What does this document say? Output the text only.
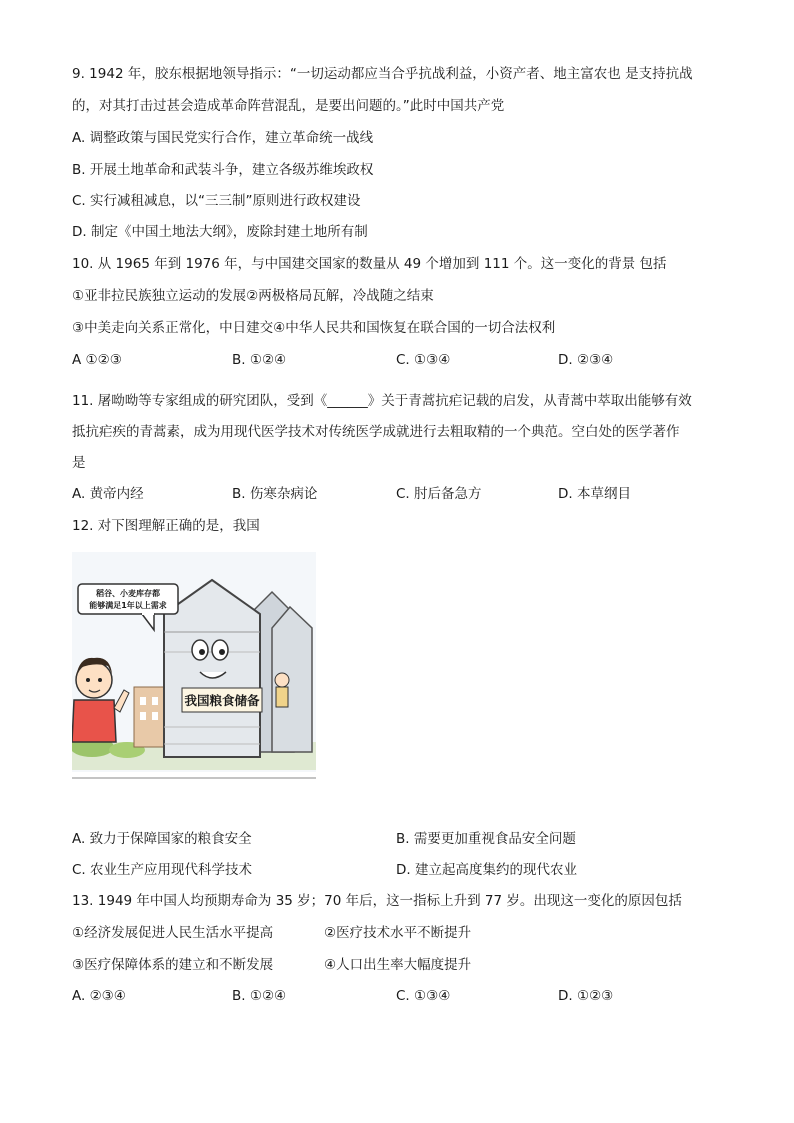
9. 1942 年，胶东根据地领导指示：“一切运动都应当合乎抗战利益，小资产者、地主富农也 是支持抗战
的，对其打击过甚会造成革命阵营混乱，是要出问题的。”此时中国共产党
A. 调整政策与国民党实行合作，建立革命统一战线
B. 开展土地革命和武装斗争，建立各级苏维埃政权
C. 实行减租减息，以“三三制”原则进行政权建设
D. 制定《中国土地法大纲》，废除封建土地所有制
10. 从 1965 年到 1976 年，与中国建交国家的数量从 49 个增加到 111 个。这一变化的背景 包括
①亚非拉民族独立运动的发展②两极格局瓦解，冷战随之结束
③中美走向关系正常化，中日建交④中华人民共和国恢复在联合国的一切合法权利
A ①②③	B. ①②④	C. ①③④	D. ②③④
11. 屠呦呦等专家组成的研究团队，受到《______》关于青蒿抗疟记载的启发，从青蒿中萃取出能够有效
抵抗疟疾的青蒿素，成为用现代医学技术对传统医学成就进行去粗取精的一个典范。空白处的医学著作
是
A. 黄帝内经	B. 伤寒杂病论	C. 肘后备急方	D. 本草纲目
12. 对下图理解正确的是，我国
我国粮食储备
稻谷、小麦库存都
能够满足1年以上需求
A. 致力于保障国家的粮食安全	B. 需要更加重视食品安全问题
C. 农业生产应用现代科学技术	D. 建立起高度集约的现代农业
13. 1949 年中国人均预期寿命为 35 岁；70 年后，这一指标上升到 77 岁。出现这一变化的原因包括
①经济发展促进人民生活水平提高	②医疗技术水平不断提升
③医疗保障体系的建立和不断发展	④人口出生率大幅度提升
A. ②③④	B. ①②④	C. ①③④	D. ①②③
